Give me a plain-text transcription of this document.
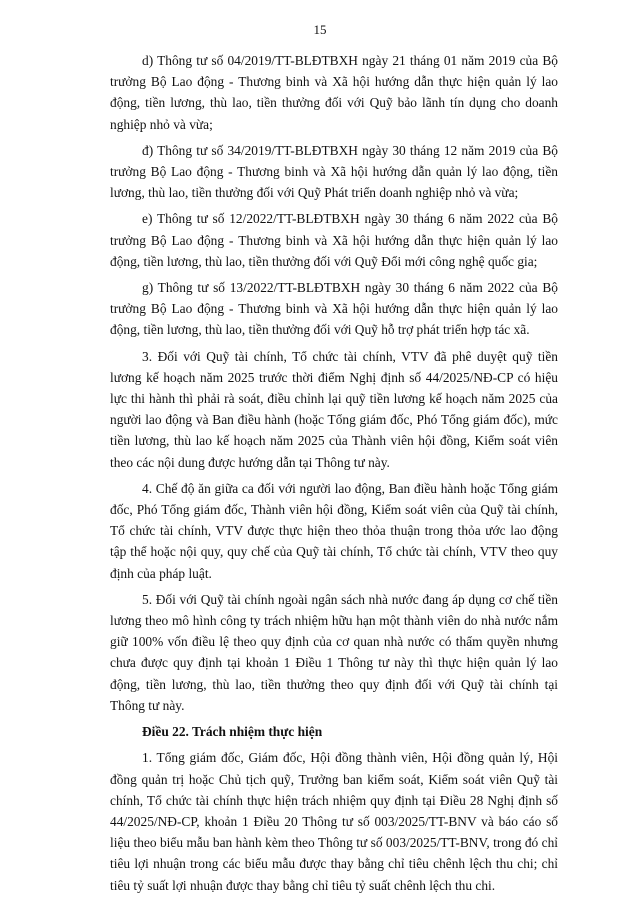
15

d) Thông tư số 04/2019/TT-BLĐTBXH ngày 21 tháng 01 năm 2019 của Bộ trưởng Bộ Lao động - Thương binh và Xã hội hướng dẫn thực hiện quản lý lao động, tiền lương, thù lao, tiền thưởng đối với Quỹ bảo lãnh tín dụng cho doanh nghiệp nhỏ và vừa;

đ) Thông tư số 34/2019/TT-BLĐTBXH ngày 30 tháng 12 năm 2019 của Bộ trưởng Bộ Lao động - Thương binh và Xã hội hướng dẫn quản lý lao động, tiền lương, thù lao, tiền thưởng đối với Quỹ Phát triển doanh nghiệp nhỏ và vừa;

e) Thông tư số 12/2022/TT-BLĐTBXH ngày 30 tháng 6 năm 2022 của Bộ trưởng Bộ Lao động - Thương binh và Xã hội hướng dẫn thực hiện quản lý lao động, tiền lương, thù lao, tiền thưởng đối với Quỹ Đổi mới công nghệ quốc gia;

g) Thông tư số 13/2022/TT-BLĐTBXH ngày 30 tháng 6 năm 2022 của Bộ trưởng Bộ Lao động - Thương binh và Xã hội hướng dẫn thực hiện quản lý lao động, tiền lương, thù lao, tiền thưởng đối với Quỹ hỗ trợ phát triển hợp tác xã.

3. Đối với Quỹ tài chính, Tổ chức tài chính, VTV đã phê duyệt quỹ tiền lương kế hoạch năm 2025 trước thời điểm Nghị định số 44/2025/NĐ-CP có hiệu lực thi hành thì phải rà soát, điều chỉnh lại quỹ tiền lương kế hoạch năm 2025 của người lao động và Ban điều hành (hoặc Tổng giám đốc, Phó Tổng giám đốc), mức tiền lương, thù lao kế hoạch năm 2025 của Thành viên hội đồng, Kiểm soát viên theo các nội dung được hướng dẫn tại Thông tư này.

4. Chế độ ăn giữa ca đối với người lao động, Ban điều hành hoặc Tổng giám đốc, Phó Tổng giám đốc, Thành viên hội đồng, Kiểm soát viên của Quỹ tài chính, Tổ chức tài chính, VTV được thực hiện theo thỏa thuận trong thỏa ước lao động tập thể hoặc nội quy, quy chế của Quỹ tài chính, Tổ chức tài chính, VTV theo quy định của pháp luật.

5. Đối với Quỹ tài chính ngoài ngân sách nhà nước đang áp dụng cơ chế tiền lương theo mô hình công ty trách nhiệm hữu hạn một thành viên do nhà nước nắm giữ 100% vốn điều lệ theo quy định của cơ quan nhà nước có thẩm quyền nhưng chưa được quy định tại khoản 1 Điều 1 Thông tư này thì thực hiện quản lý lao động, tiền lương, thù lao, tiền thưởng theo quy định đối với Quỹ tài chính tại Thông tư này.

Điều 22. Trách nhiệm thực hiện

1. Tổng giám đốc, Giám đốc, Hội đồng thành viên, Hội đồng quản lý, Hội đồng quản trị hoặc Chủ tịch quỹ, Trưởng ban kiểm soát, Kiểm soát viên Quỹ tài chính, Tổ chức tài chính thực hiện trách nhiệm quy định tại Điều 28 Nghị định số 44/2025/NĐ-CP, khoản 1 Điều 20 Thông tư số 003/2025/TT-BNV và báo cáo số liệu theo biểu mẫu ban hành kèm theo Thông tư số 003/2025/TT-BNV, trong đó chỉ tiêu lợi nhuận trong các biểu mẫu được thay bằng chỉ tiêu chênh lệch thu chi; chỉ tiêu tỷ suất lợi nhuận được thay bằng chỉ tiêu tỷ suất chênh lệch thu chi.
